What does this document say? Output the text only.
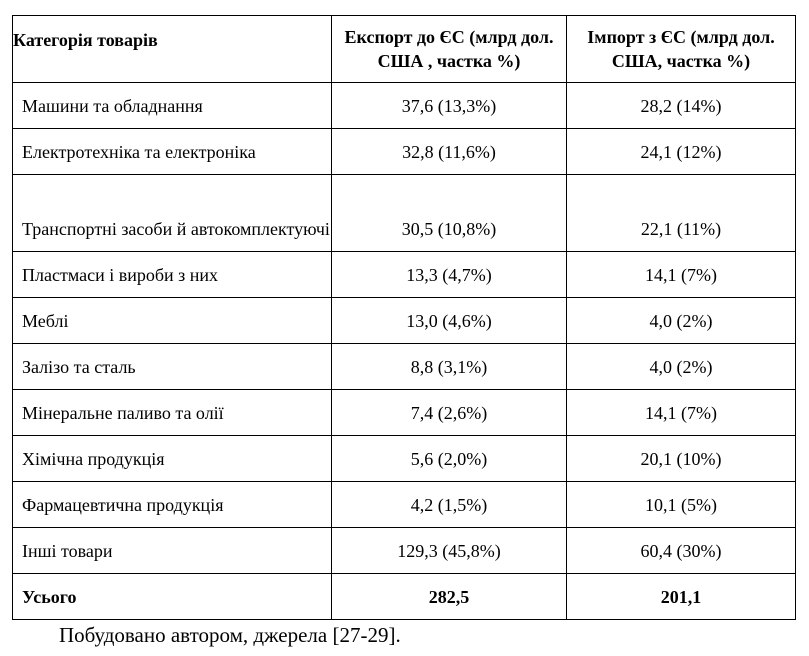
Категорія товарів	Експорт до ЄС (млрд дол. США , частка %)	Імпорт з ЄС (млрд дол. США, частка %)
Машини та обладнання	37,6 (13,3%)	28,2 (14%)
Електротехніка та електроніка	32,8 (11,6%)	24,1 (12%)
Транспортні засоби й автокомплектуючі	30,5 (10,8%)	22,1 (11%)
Пластмаси і вироби з них	13,3 (4,7%)	14,1 (7%)
Меблі	13,0 (4,6%)	4,0 (2%)
Залізо та сталь	8,8 (3,1%)	4,0 (2%)
Мінеральне паливо та олії	7,4 (2,6%)	14,1 (7%)
Хімічна продукція	5,6 (2,0%)	20,1 (10%)
Фармацевтична продукція	4,2 (1,5%)	10,1 (5%)
Інші товари	129,3 (45,8%)	60,4 (30%)
Усього	282,5	201,1
Побудовано автором, джерела [27-29].
